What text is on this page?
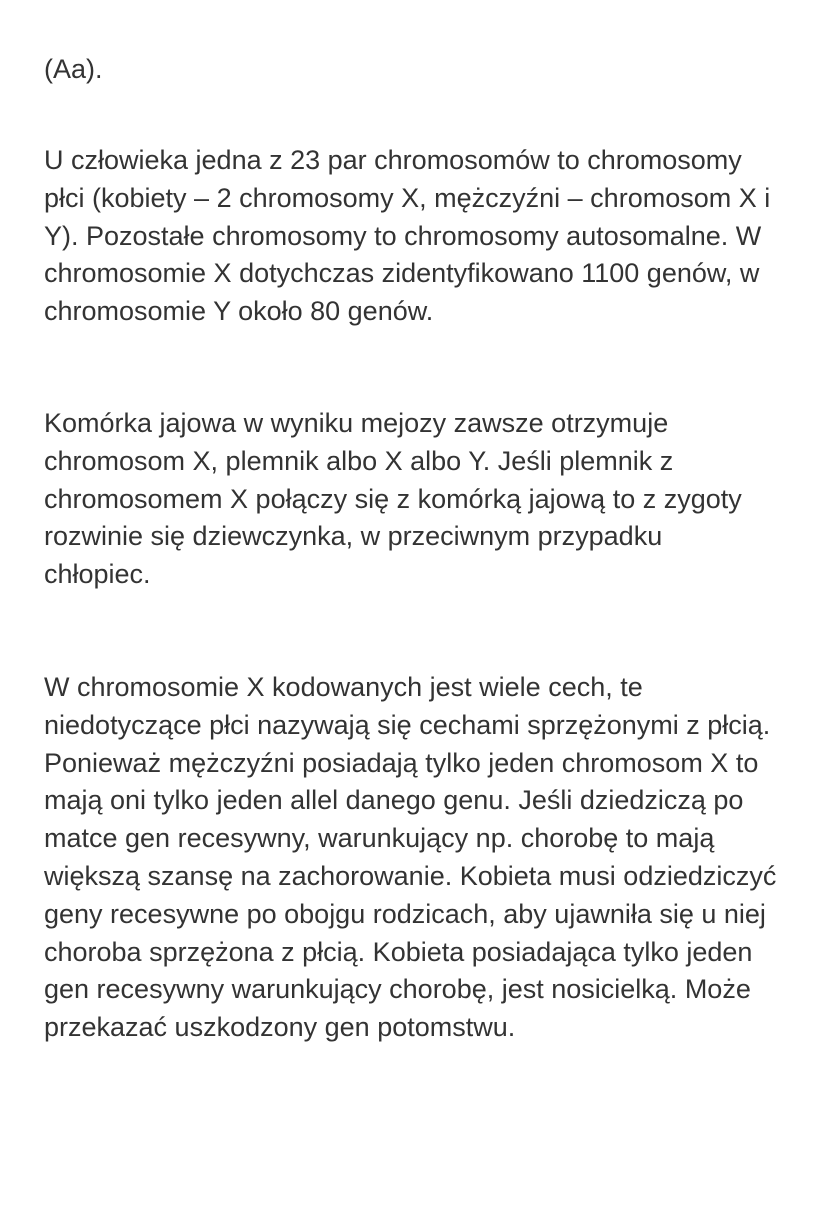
(Aa).
U człowieka jedna z 23 par chromosomów to chromosomy
płci (kobiety – 2 chromosomy X, mężczyźni – chromosom X i
Y). Pozostałe chromosomy to chromosomy autosomalne. W
chromosomie X dotychczas zidentyfikowano 1100 genów, w
chromosomie Y około 80 genów.
Komórka jajowa w wyniku mejozy zawsze otrzymuje
chromosom X, plemnik albo X albo Y. Jeśli plemnik z
chromosomem X połączy się z komórką jajową to z zygoty
rozwinie się dziewczynka, w przeciwnym przypadku
chłopiec.
W chromosomie X kodowanych jest wiele cech, te
niedotyczące płci nazywają się cechami sprzężonymi z płcią.
Ponieważ mężczyźni posiadają tylko jeden chromosom X to
mają oni tylko jeden allel danego genu. Jeśli dziedziczą po
matce gen recesywny, warunkujący np. chorobę to mają
większą szansę na zachorowanie. Kobieta musi odziedziczyć
geny recesywne po obojgu rodzicach, aby ujawniła się u niej
choroba sprzężona z płcią. Kobieta posiadająca tylko jeden
gen recesywny warunkujący chorobę, jest nosicielką. Może
przekazać uszkodzony gen potomstwu.
